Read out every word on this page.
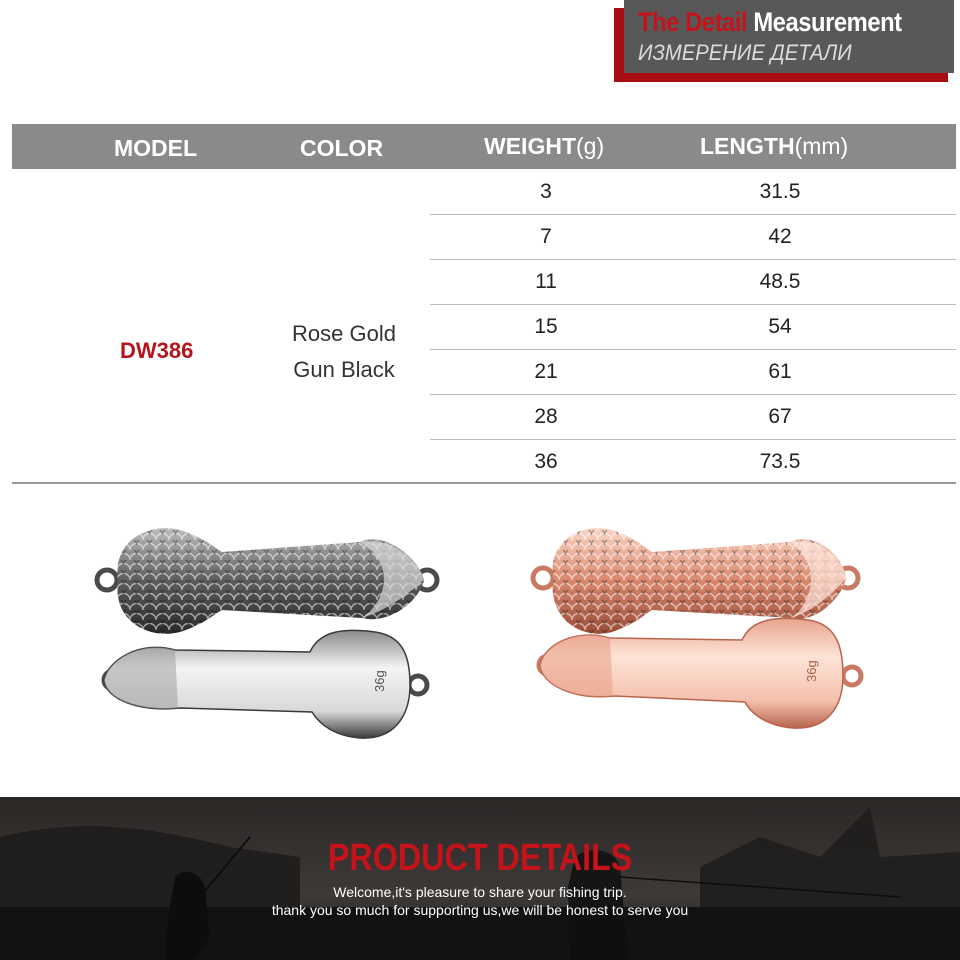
The Detail Measurement
ИЗМЕРЕНИЕ ДЕТАЛИ
MODEL	COLOR	WEIGHT(g)	LENGTH(mm)
DW386
Rose Gold
Gun Black
3	31.5
7	42
11	48.5
15	54
21	61
28	67
36	73.5
36g	36g
PRODUCT DETAILS
Welcome,it's pleasure to share your fishing trip.
thank you so much for supporting us,we will be honest to serve you
